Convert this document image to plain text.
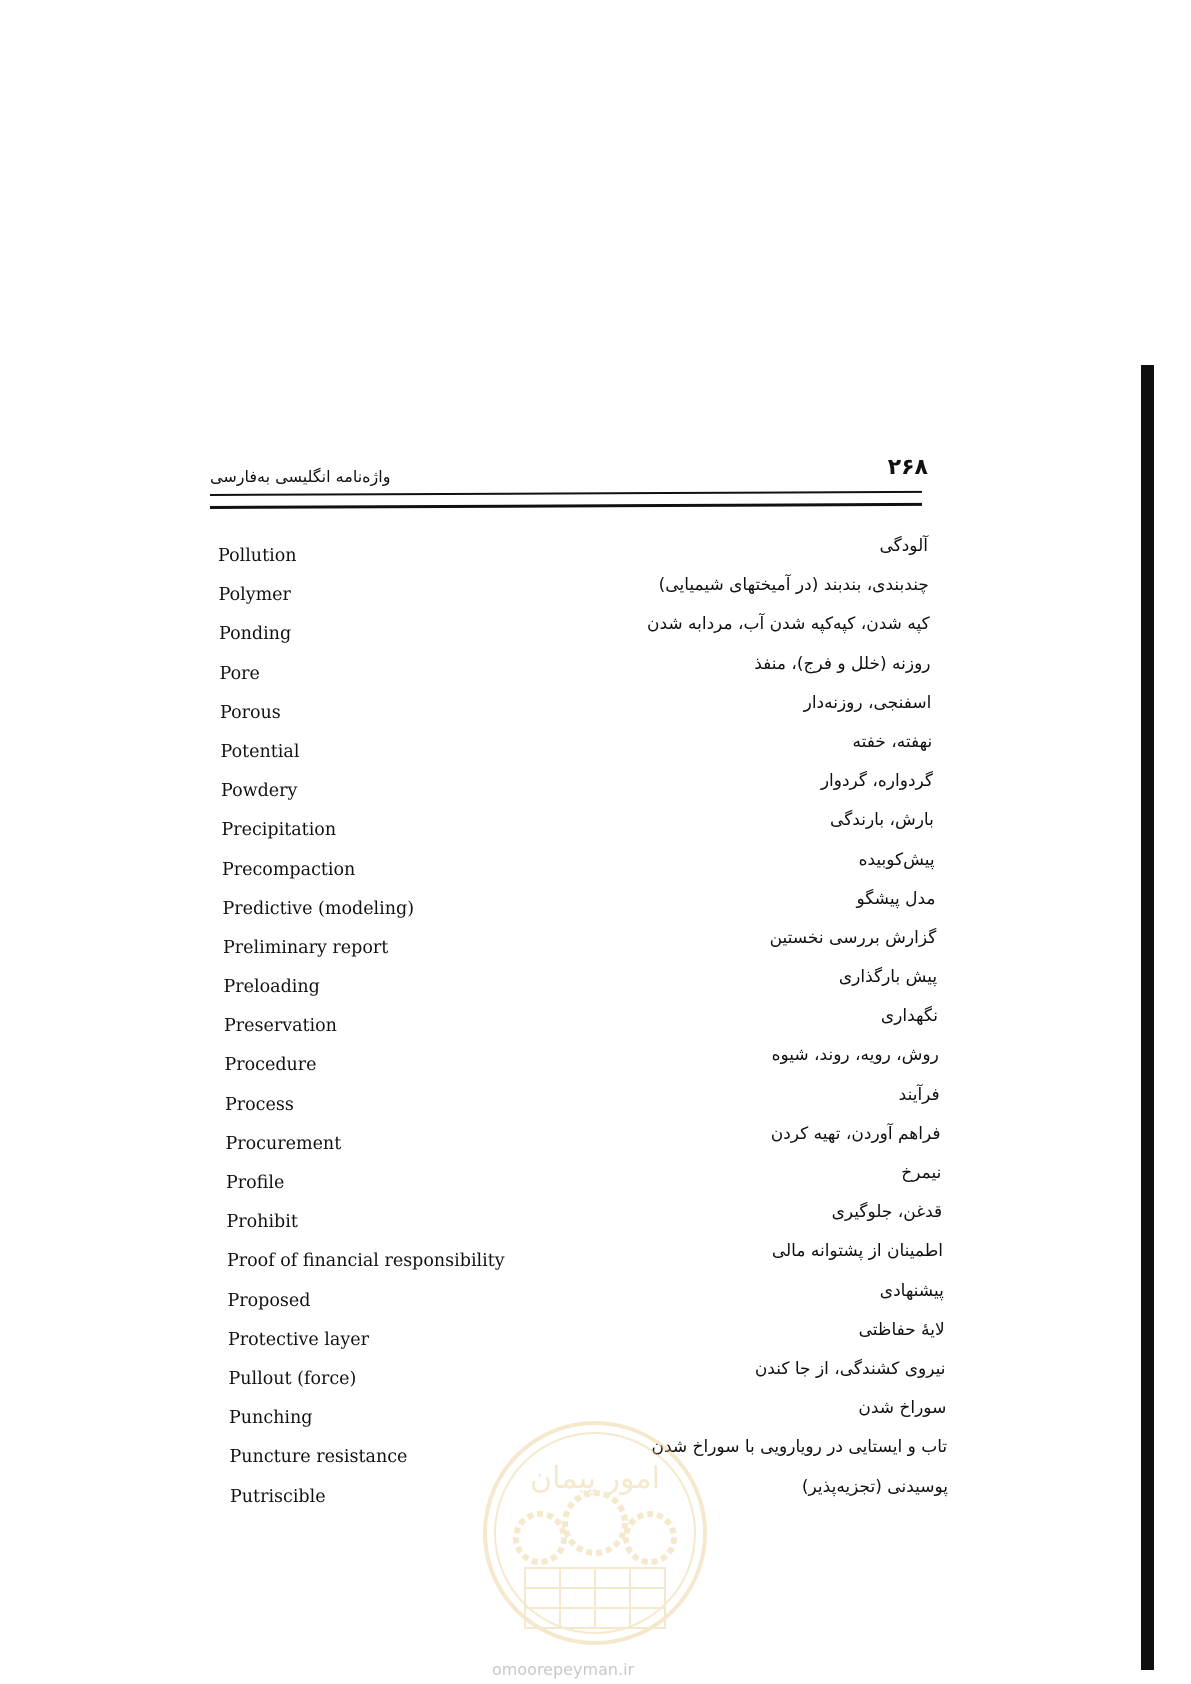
واژه‌نامه انگلیسی به‌فارسی	۲۶۸
Pollution	آلودگی
Polymer	چندبندی، بندبند (در آمیختهای شیمیایی)
Ponding	کپه شدن، کپه‌کپه شدن آب، مردابه شدن
Pore	روزنه (خلل و فرج)، منفذ
Porous	اسفنجی، روزنه‌دار
Potential	نهفته، خفته
Powdery	گردواره، گردوار
Precipitation	بارش، بارندگی
Precompaction	پیش‌کوبیده
Predictive (modeling)	مدل پیشگو
Preliminary report	گزارش بررسی نخستین
Preloading	پیش بارگذاری
Preservation	نگهداری
Procedure	روش، رویه، روند، شیوه
Process	فرآیند
Procurement	فراهم آوردن، تهیه کردن
Profile	نیمرخ
Prohibit	قدغن، جلوگیری
Proof of financial responsibility	اطمینان از پشتوانه مالی
Proposed	پیشنهادی
Protective layer	لایهٔ حفاظتی
Pullout (force)	نیروی کشندگی، از جا کندن
Punching	سوراخ شدن
Puncture resistance	تاب و ایستایی در رویارویی با سوراخ شدن
Putriscible	پوسیدنی (تجزیه‌پذیر)
امور پیمان
omoorepeyman.ir
